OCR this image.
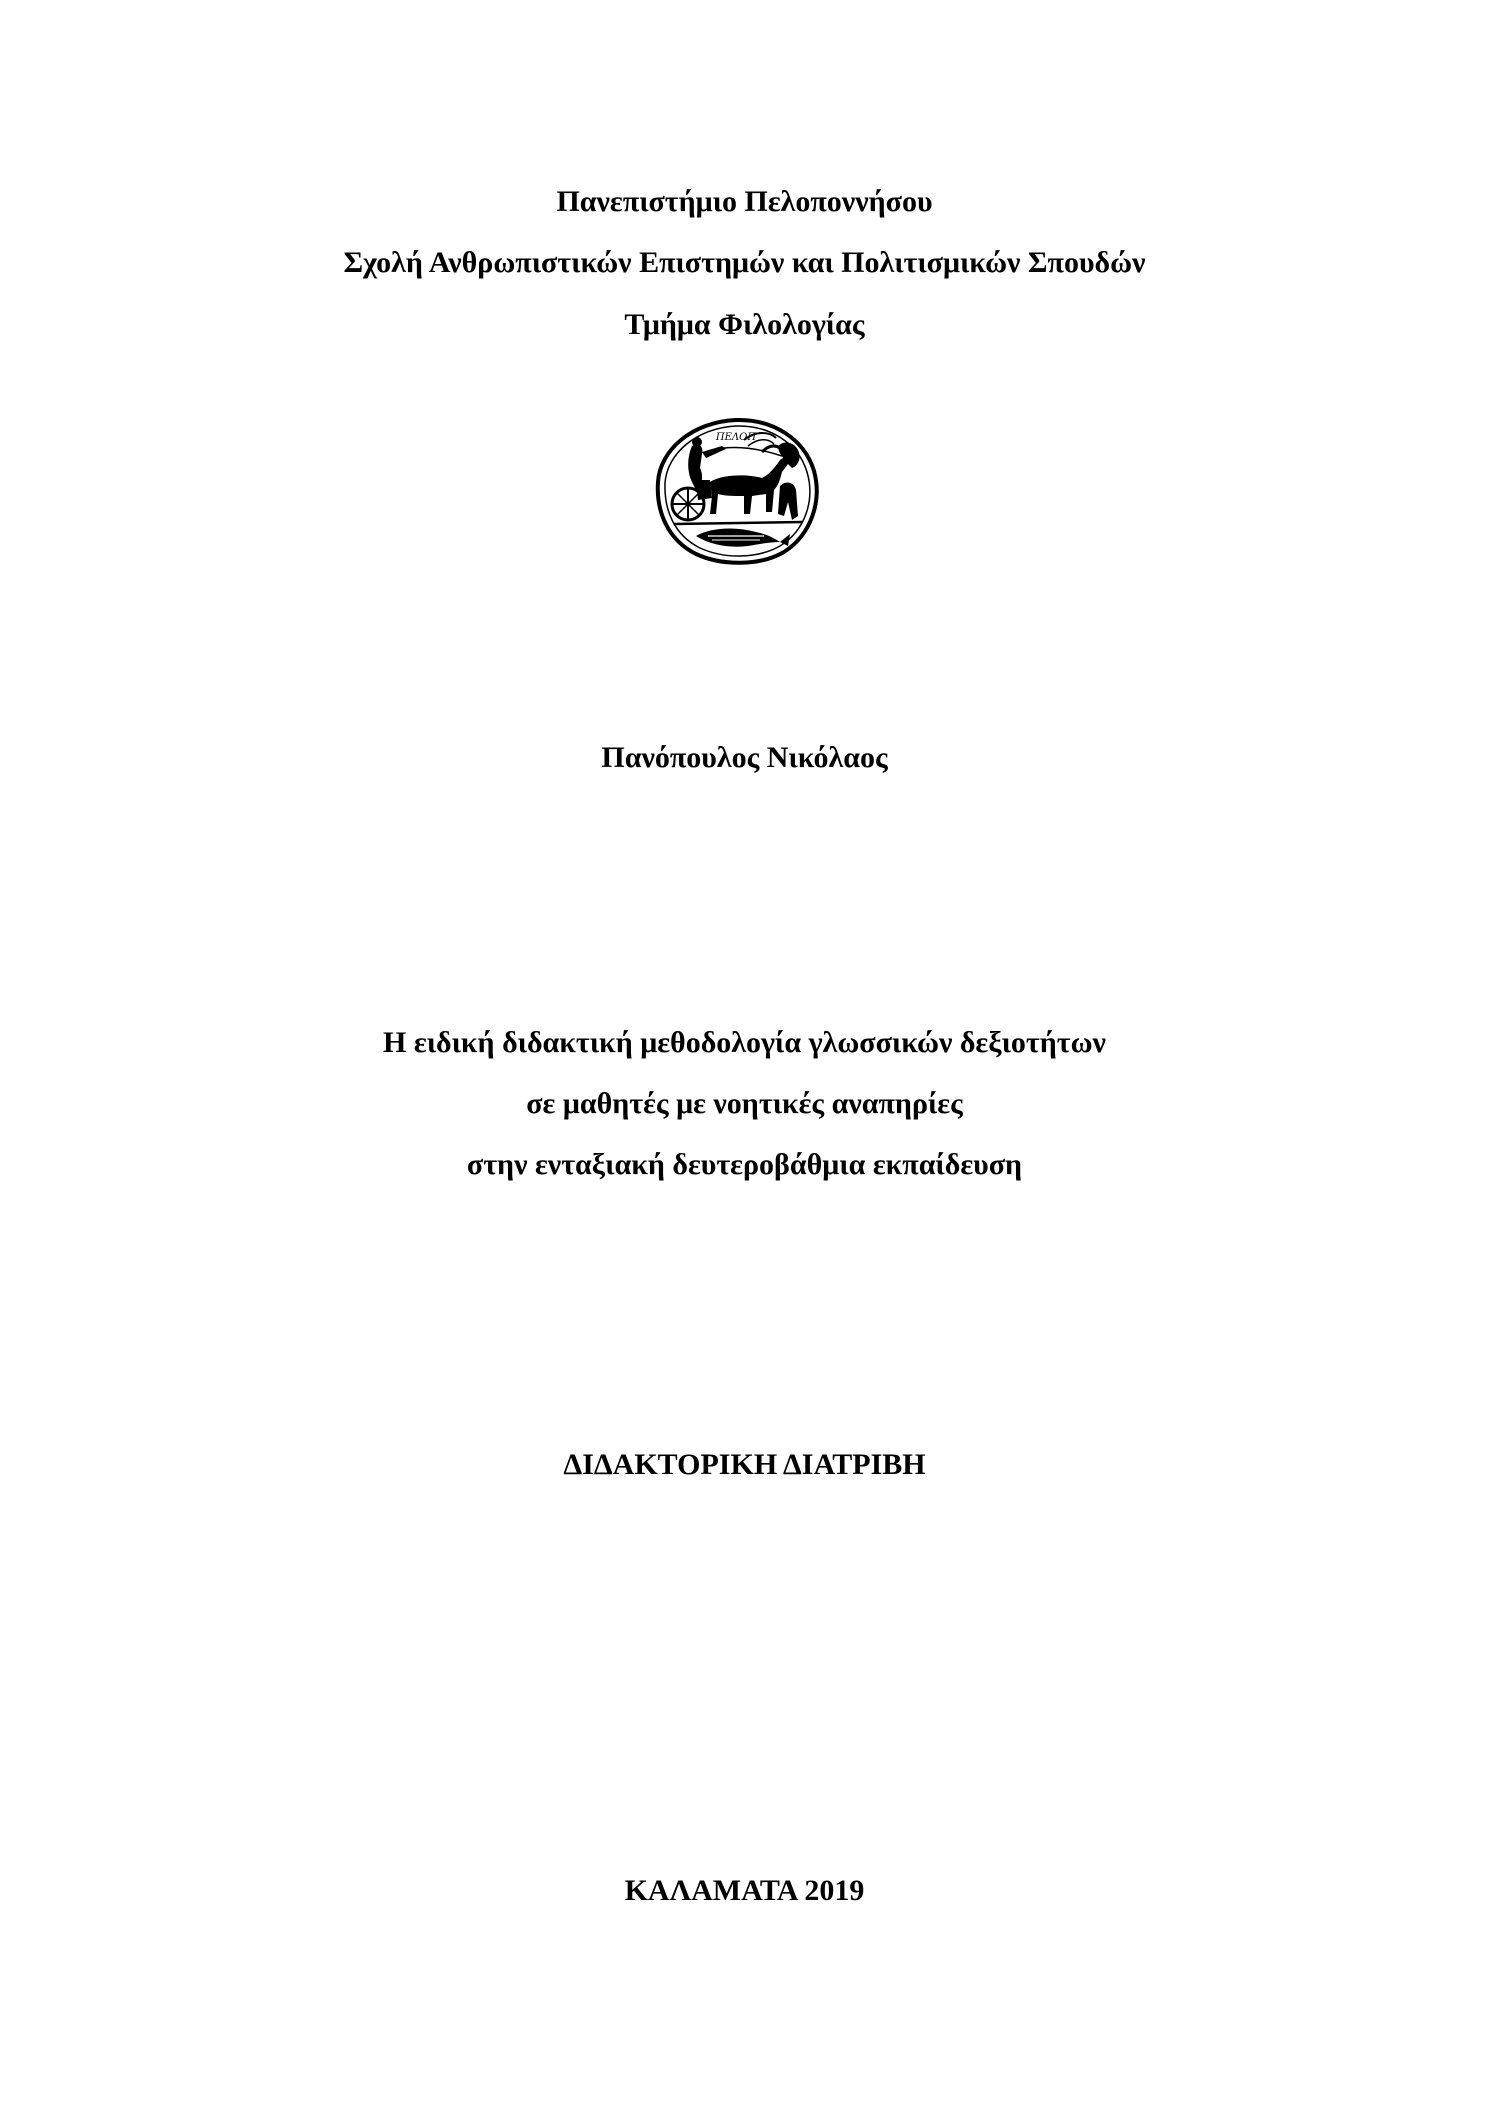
Πανεπιστήμιο Πελοποννήσου
Σχολή Ανθρωπιστικών Επιστημών και Πολιτισμικών Σπουδών
Τμήμα Φιλολογίας
ΠΕΛΟΠ
Πανόπουλος Νικόλαος
Η ειδική διδακτική μεθοδολογία γλωσσικών δεξιοτήτων
σε μαθητές με νοητικές αναπηρίες
στην ενταξιακή δευτεροβάθμια εκπαίδευση
ΔΙΔΑΚΤΟΡΙΚΗ ΔΙΑΤΡΙΒΗ
ΚΑΛΑΜΑΤΑ 2019
